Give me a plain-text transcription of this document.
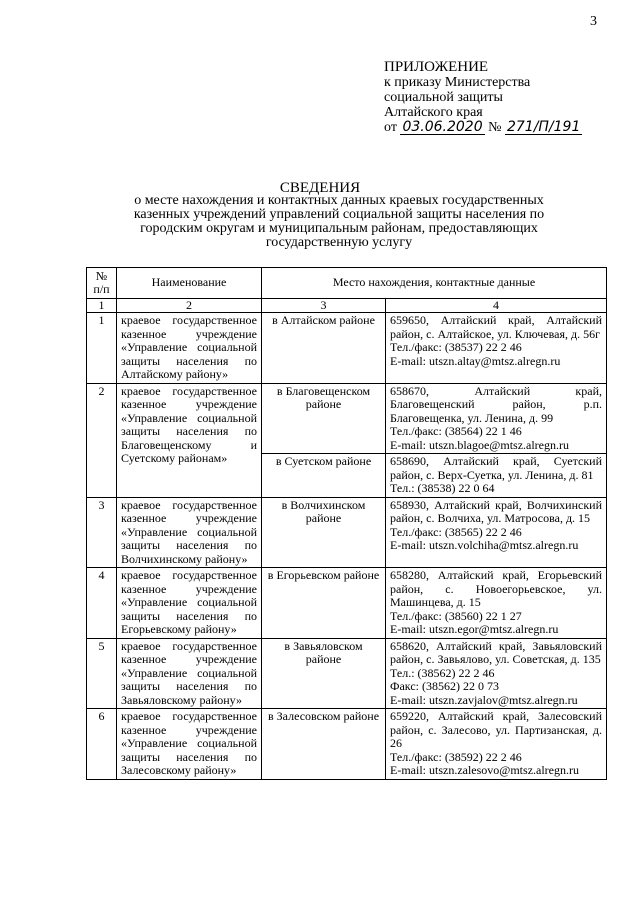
3
ПРИЛОЖЕНИЕ
к приказу Министерства
социальной защиты
Алтайского края
от 03.06.2020 № 271/П/191
СВЕДЕНИЯ
о месте нахождения и контактных данных краевых государственных казенных учреждений управлений социальной защиты населения по городским округам и муниципальным районам, предоставляющих государственную услугу
№ п/п	Наименование	Место нахождения, контактные данные	
1	2	3	4
1	краевое государственное казенное учреждение «Управление социальной защиты населения по Алтайскому району»	в Алтайском районе	659650, Алтайский край, Алтайский район, с. Алтайское, ул. Ключевая, д. 56г
Тел./факс: (38537) 22 2 46
E-mail: utszn.altay@mtsz.alregn.ru

2	краевое государственное казенное учреждение «Управление социальной защиты населения по Благовещенскому и Суетскому районам»	в Благовещенском районе	658670, Алтайский край, Благовещенский район, р.п. Благовещенка, ул. Ленина, д. 99
Тел./факс: (38564) 22 1 46
E-mail: utszn.blagoe@mtsz.alregn.ru

		в Суетском районе	658690, Алтайский край, Суетский район, с. Верх-Суетка, ул. Ленина, д. 81
Тел.: (38538) 22 0 64

3	краевое государственное казенное учреждение «Управление социальной защиты населения по Волчихинскому району»	в Волчихинском районе	658930, Алтайский край, Волчихинский район, с. Волчиха, ул. Матросова, д. 15
Тел./факс: (38565) 22 2 46
E-mail: utszn.volchiha@mtsz.alregn.ru

4	краевое государственное казенное учреждение «Управление социальной защиты населения по Егорьевскому району»	в Егорьевском районе	658280, Алтайский край, Егорьевский район, с. Новоегорьевское, ул. Машинцева, д. 15
Тел./факс: (38560) 22 1 27
E-mail: utszn.egor@mtsz.alregn.ru

5	краевое государственное казенное учреждение «Управление социальной защиты населения по Завьяловскому району»	в Завьяловском районе	658620, Алтайский край, Завьяловский район, с. Завьялово, ул. Советская, д. 135
Тел.: (38562) 22 2 46
Факс: (38562) 22 0 73
E-mail: utszn.zavjalov@mtsz.alregn.ru

6	краевое государственное казенное учреждение «Управление социальной защиты населения по Залесовскому району»	в Залесовском районе	659220, Алтайский край, Залесовский район, с. Залесово, ул. Партизанская, д. 26
Тел./факс: (38592) 22 2 46
E-mail: utszn.zalesovo@mtsz.alregn.ru
